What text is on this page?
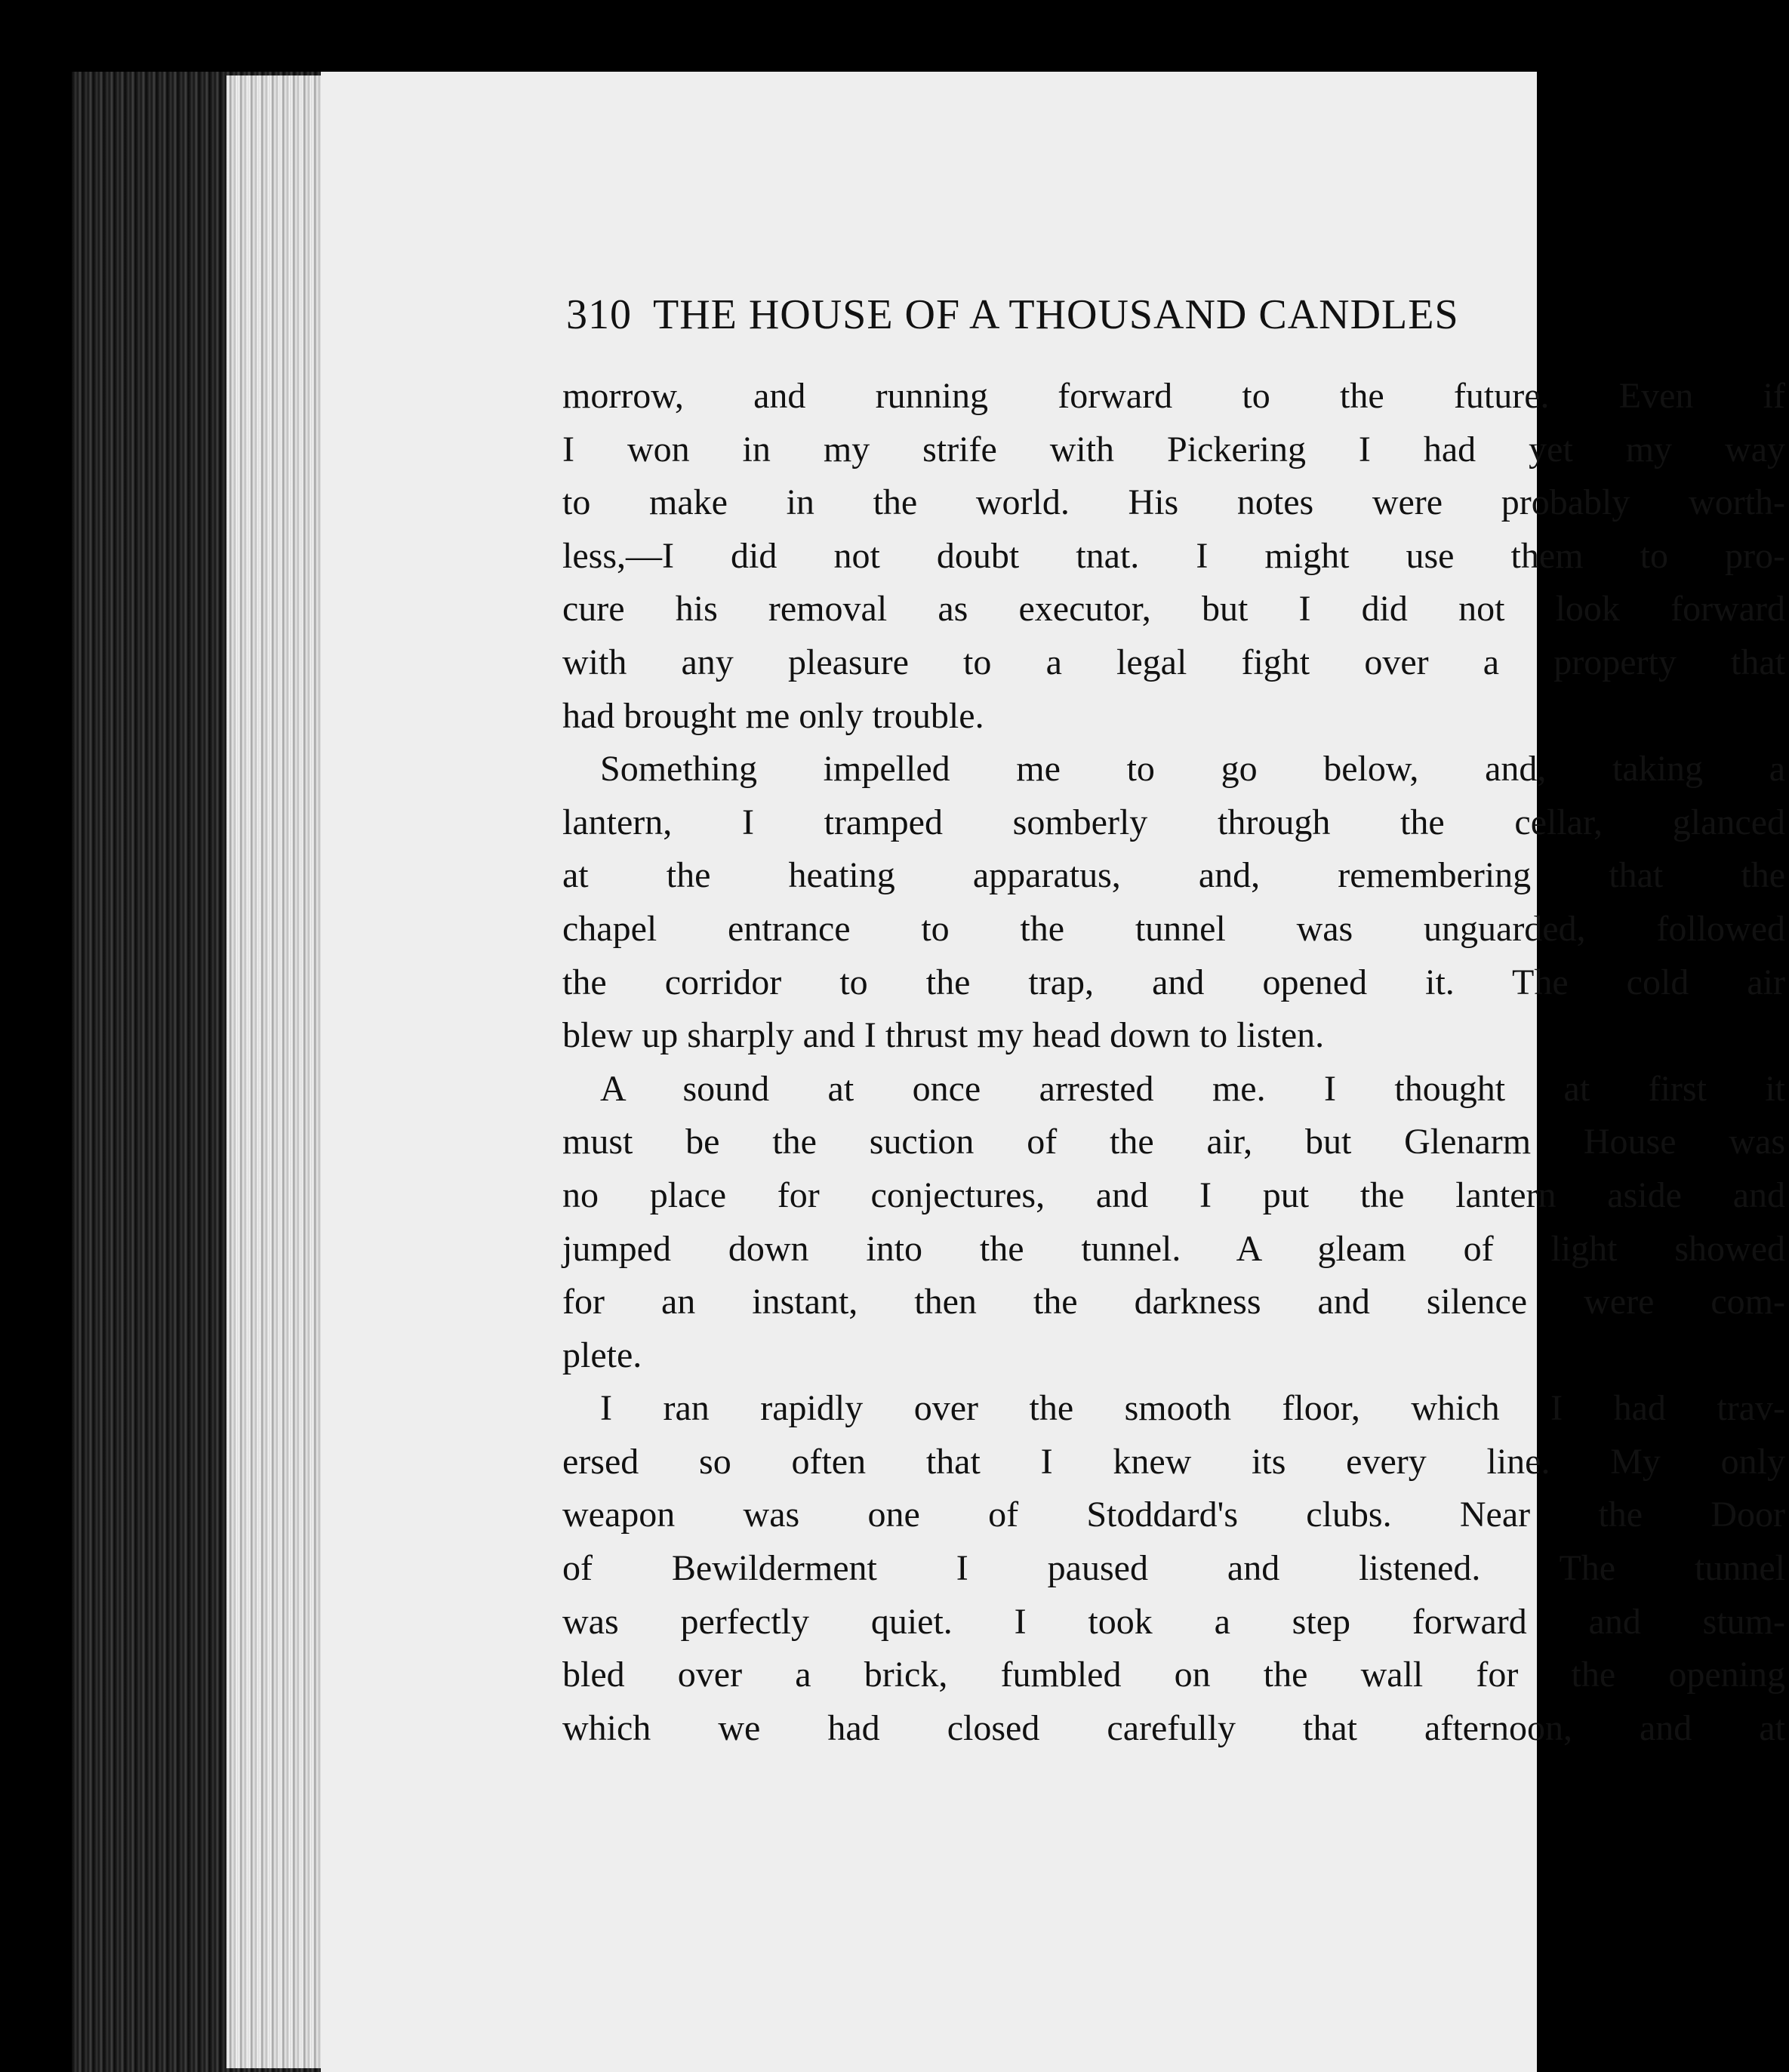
310 THE HOUSE OF A THOUSAND CANDLES
morrow, and running forward to the future. Even if
I won in my strife with Pickering I had yet my way
to make in the world. His notes were probably worth-
less,—I did not doubt tnat. I might use them to pro-
cure his removal as executor, but I did not look forward
with any pleasure to a legal fight over a property that
had brought me only trouble.
Something impelled me to go below, and, taking a
lantern, I tramped somberly through the cellar, glanced
at the heating apparatus, and, remembering that the
chapel entrance to the tunnel was unguarded, followed
the corridor to the trap, and opened it. The cold air
blew up sharply and I thrust my head down to listen.
A sound at once arrested me. I thought at first it
must be the suction of the air, but Glenarm House was
no place for conjectures, and I put the lantern aside and
jumped down into the tunnel. A gleam of light showed
for an instant, then the darkness and silence were com-
plete.
I ran rapidly over the smooth floor, which I had trav-
ersed so often that I knew its every line. My only
weapon was one of Stoddard's clubs. Near the Door
of Bewilderment I paused and listened. The tunnel
was perfectly quiet. I took a step forward and stum-
bled over a brick, fumbled on the wall for the opening
which we had closed carefully that afternoon, and at
